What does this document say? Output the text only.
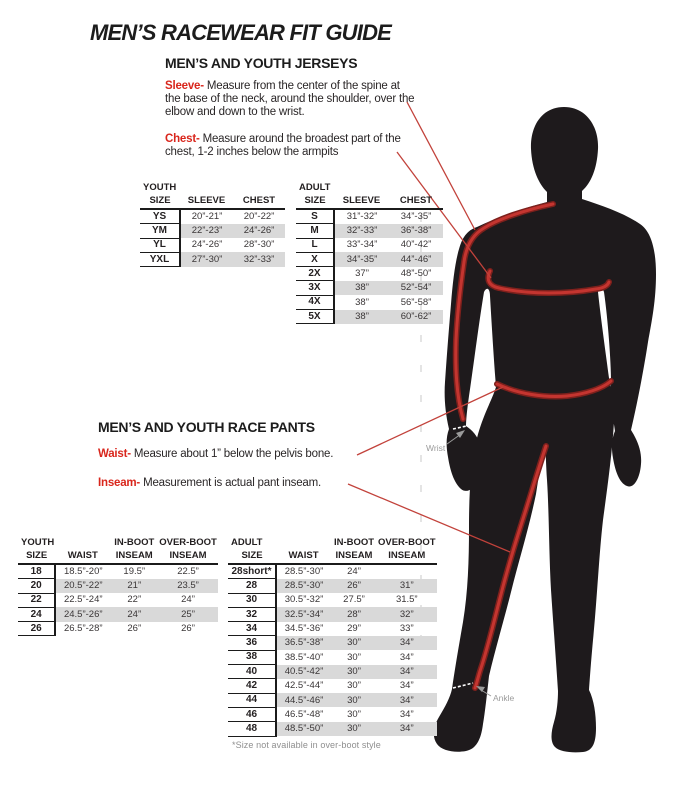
Wrist
Ankle
MEN’S RACEWEAR FIT GUIDE
MEN’S AND YOUTH JERSEYS
Sleeve- Measure from the center of the spine at the base of the neck, around the shoulder, over the elbow and down to the wrist.
Chest- Measure around the broadest part of the chest, 1-2 inches below the armpits
MEN’S AND YOUTH RACE PANTS
Waist- Measure about 1” below the pelvis bone.
Inseam- Measurement is actual pant inseam.
YOUTH		
SIZE	SLEEVE	CHEST
YS	20”-21”	20”-22”
YM	22”-23”	24”-26”
YL	24”-26”	28”-30”
YXL	27”-30”	32”-33”
ADULT		
SIZE	SLEEVE	CHEST
S	31”-32”	34”-35”
M	32”-33”	36”-38”
L	33”-34”	40”-42”
X	34”-35”	44”-46”
2X	37”	48”-50”
3X	38”	52”-54”
4X	38”	56”-58”
5X	38”	60”-62”
YOUTH		IN-BOOT	OVER-BOOT
SIZE	WAIST	INSEAM	INSEAM
18	18.5”-20”	19.5”	22.5”
20	20.5”-22”	21”	23.5”
22	22.5”-24”	22”	24”
24	24.5”-26”	24”	25”
26	26.5”-28”	26”	26”
ADULT		IN-BOOT	OVER-BOOT
SIZE	WAIST	INSEAM	INSEAM
28short*	28.5”-30”	24”	
28	28.5”-30”	26”	31”
30	30.5”-32”	27.5”	31.5”
32	32.5”-34”	28”	32”
34	34.5”-36”	29”	33”
36	36.5”-38”	30”	34”
38	38.5”-40”	30”	34”
40	40.5”-42”	30”	34”
42	42.5”-44”	30”	34”
44	44.5”-46”	30”	34”
46	46.5”-48”	30”	34”
48	48.5”-50”	30”	34”
*Size not available in over-boot style
